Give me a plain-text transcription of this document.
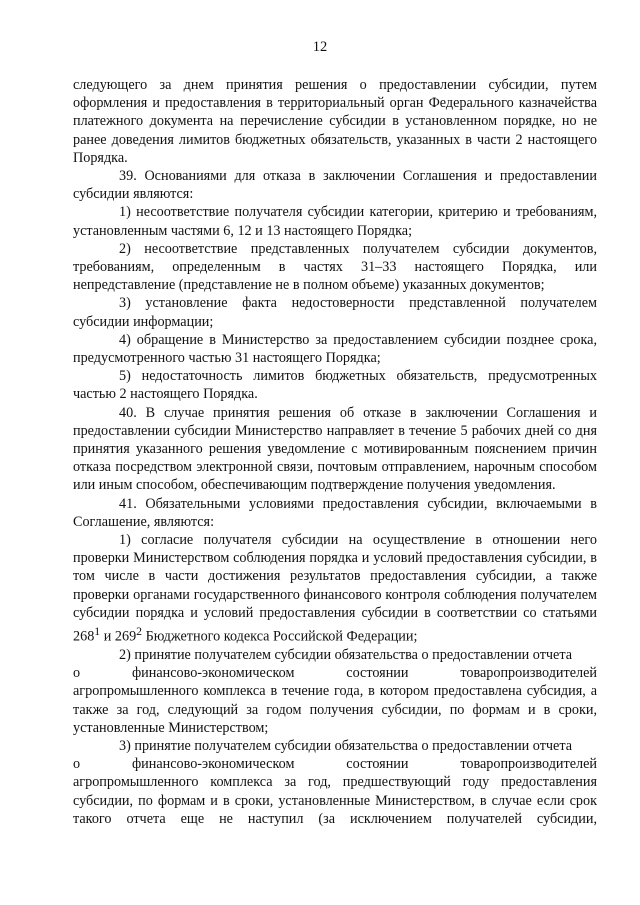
12

следующего за днем принятия решения о предоставлении субсидии, путем оформления и предоставления в территориальный орган Федерального казначейства платежного документа на перечисление субсидии в установленном порядке, но не ранее доведения лимитов бюджетных обязательств, указанных в части 2 настоящего Порядка.

39. Основаниями для отказа в заключении Соглашения и предоставлении субсидии являются:

1) несоответствие получателя субсидии категории, критерию и требованиям, установленным частями 6, 12 и 13 настоящего Порядка;

2) несоответствие представленных получателем субсидии документов, требованиям, определенным в частях 31–33 настоящего Порядка, или непредставление (представление не в полном объеме) указанных документов;

3) установление факта недостоверности представленной получателем субсидии информации;

4) обращение в Министерство за предоставлением субсидии позднее срока, предусмотренного частью 31 настоящего Порядка;

5) недостаточность лимитов бюджетных обязательств, предусмотренных частью 2 настоящего Порядка.

40. В случае принятия решения об отказе в заключении Соглашения и предоставлении субсидии Министерство направляет в течение 5 рабочих дней со дня принятия указанного решения уведомление с мотивированным пояснением причин отказа посредством электронной связи, почтовым отправлением, нарочным способом или иным способом, обеспечивающим подтверждение получения уведомления.

41. Обязательными условиями предоставления субсидии, включаемыми в Соглашение, являются:

1) согласие получателя субсидии на осуществление в отношении него проверки Министерством соблюдения порядка и условий предоставления субсидии, в том числе в части достижения результатов предоставления субсидии, а также проверки органами государственного финансового контроля соблюдения получателем субсидии порядка и условий предоставления субсидии в соответствии со статьями $268^1$ и $269^2$ Бюджетного кодекса Российской Федерации;

2) принятие получателем субсидии обязательства о предоставлении отчета

о финансово-экономическом состоянии товаропроизводителей

агропромышленного комплекса в течение года, в котором предоставлена субсидия, а также за год, следующий за годом получения субсидии, по формам и в сроки, установленные Министерством;

3) принятие получателем субсидии обязательства о предоставлении отчета

о финансово-экономическом состоянии товаропроизводителей

агропромышленного комплекса за год, предшествующий году предоставления субсидии, по формам и в сроки, установленные Министерством, в случае если срок такого отчета еще не наступил (за исключением получателей субсидии,
